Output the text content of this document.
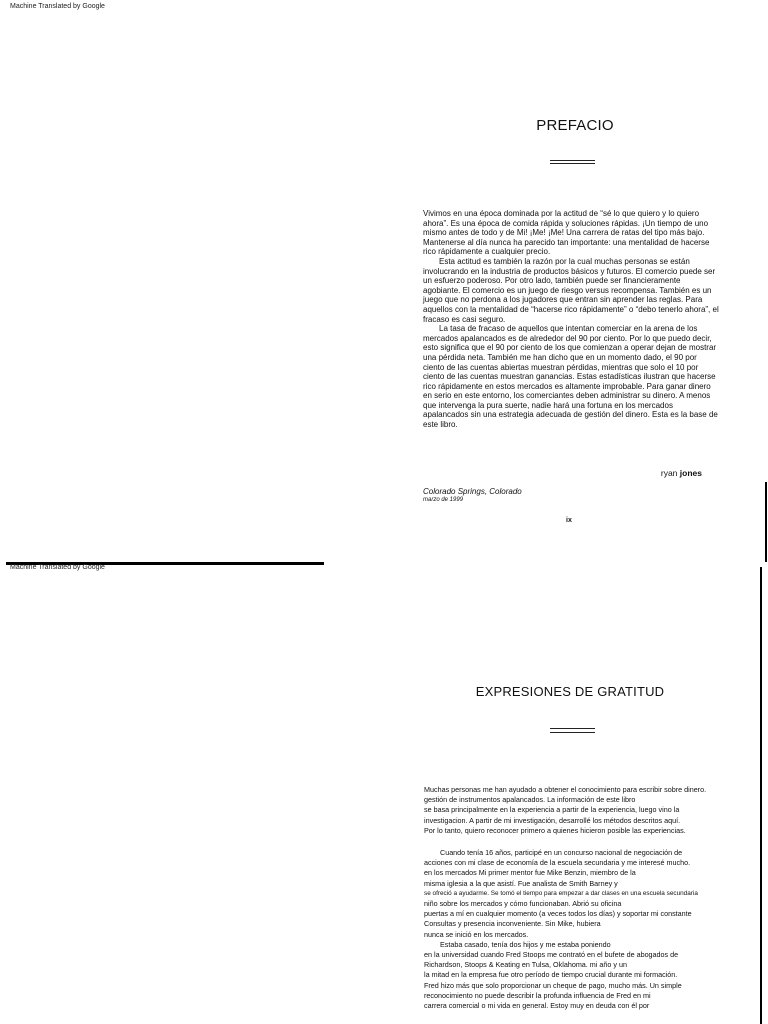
Machine Translated by Google
PREFACIO

Vivimos en una época dominada por la actitud de “sé lo que quiero y lo quiero ahora”. Es una época de comida rápida y soluciones rápidas. ¡Un tiempo de uno mismo antes de todo y de Mi! ¡Me! ¡Me! Una carrera de ratas del tipo más bajo. Mantenerse al día nunca ha parecido tan importante: una mentalidad de hacerse rico rápidamente a cualquier precio.

Esta actitud es también la razón por la cual muchas personas se están involucrando en la industria de productos básicos y futuros. El comercio puede ser un esfuerzo poderoso. Por otro lado, también puede ser financieramente agobiante. El comercio es un juego de riesgo versus recompensa. También es un juego que no perdona a los jugadores que entran sin aprender las reglas. Para aquellos con la mentalidad de “hacerse rico rápidamente” o “debo tenerlo ahora”, el fracaso es casi seguro.

La tasa de fracaso de aquellos que intentan comerciar en la arena de los mercados apalancados es de alrededor del 90 por ciento. Por lo que puedo decir, esto significa que el 90 por ciento de los que comienzan a operar dejan de mostrar una pérdida neta. También me han dicho que en un momento dado, el 90 por ciento de las cuentas abiertas muestran pérdidas, mientras que solo el 10 por ciento de las cuentas muestran ganancias. Estas estadísticas ilustran que hacerse rico rápidamente en estos mercados es altamente improbable. Para ganar dinero en serio en este entorno, los comerciantes deben administrar su dinero. A menos que intervenga la pura suerte, nadie hará una fortuna en los mercados apalancados sin una estrategia adecuada de gestión del dinero. Esta es la base de este libro.

ryan jones
Colorado Springs, Colorado
marzo de 1999
ix
Machine Translated by Google
EXPRESIONES DE GRATITUD

Muchas personas me han ayudado a obtener el conocimiento para escribir sobre dinero.

gestión de instrumentos apalancados. La información de este libro

se basa principalmente en la experiencia a partir de la experiencia, luego vino la

investigacion. A partir de mi investigación, desarrollé los métodos descritos aquí.

Por lo tanto, quiero reconocer primero a quienes hicieron posible las experiencias.

Cuando tenía 16 años, participé en un concurso nacional de negociación de

acciones con mi clase de economía de la escuela secundaria y me interesé mucho.

en los mercados Mi primer mentor fue Mike Benzin, miembro de la

misma iglesia a la que asistí. Fue analista de Smith Barney y

se ofreció a ayudarme. Se tomó el tiempo para empezar a dar clases en una escuela secundaria

niño sobre los mercados y cómo funcionaban. Abrió su oficina

puertas a mí en cualquier momento (a veces todos los días) y soportar mi constante

Consultas y presencia inconveniente. Sin Mike, hubiera

nunca se inició en los mercados.

Estaba casado, tenía dos hijos y me estaba poniendo

en la universidad cuando Fred Stoops me contrató en el bufete de abogados de

Richardson, Stoops & Keating en Tulsa, Oklahoma. mi año y un

la mitad en la empresa fue otro período de tiempo crucial durante mi formación.

Fred hizo más que solo proporcionar un cheque de pago, mucho más. Un simple

reconocimiento no puede describir la profunda influencia de Fred en mi

carrera comercial o mi vida en general. Estoy muy en deuda con él por
